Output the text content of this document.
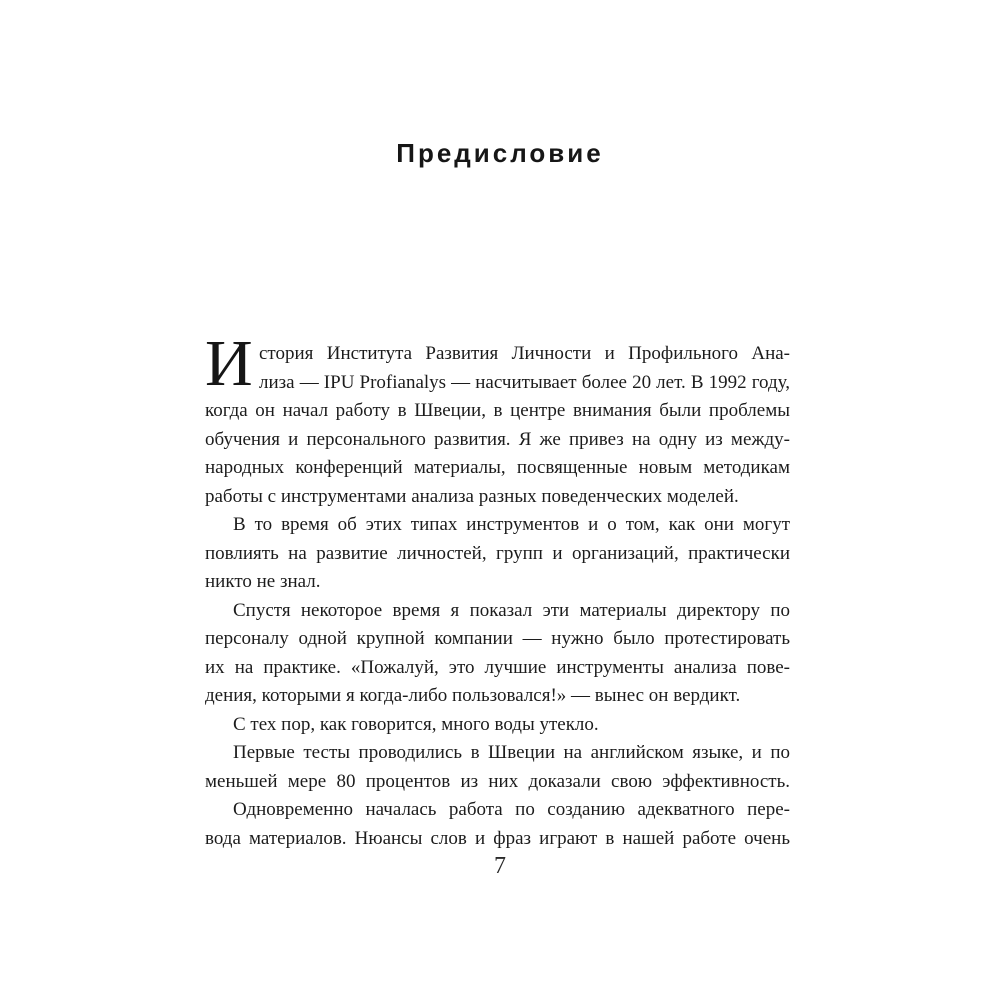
Предисловие
И стория Института Развития Личности и Профильного Ана-
лиза — IPU Profianalys — насчитывает более 20 лет. В 1992 году,
когда он начал работу в Швеции, в центре внимания были проблемы
обучения и персонального развития. Я же привез на одну из между-
народных конференций материалы, посвященные новым методикам
работы с инструментами анализа разных поведенческих моделей.
В то время об этих типах инструментов и о том, как они могут
повлиять на развитие личностей, групп и организаций, практически
никто не знал.
Спустя некоторое время я показал эти материалы директору по
персоналу одной крупной компании — нужно было протестировать
их на практике. «Пожалуй, это лучшие инструменты анализа пове-
дения, которыми я когда-либо пользовался!» — вынес он вердикт.
С тех пор, как говорится, много воды утекло.
Первые тесты проводились в Швеции на английском языке, и по
меньшей мере 80 процентов из них доказали свою эффективность.
Одновременно началась работа по созданию адекватного пере-
вода материалов. Нюансы слов и фраз играют в нашей работе очень
7
